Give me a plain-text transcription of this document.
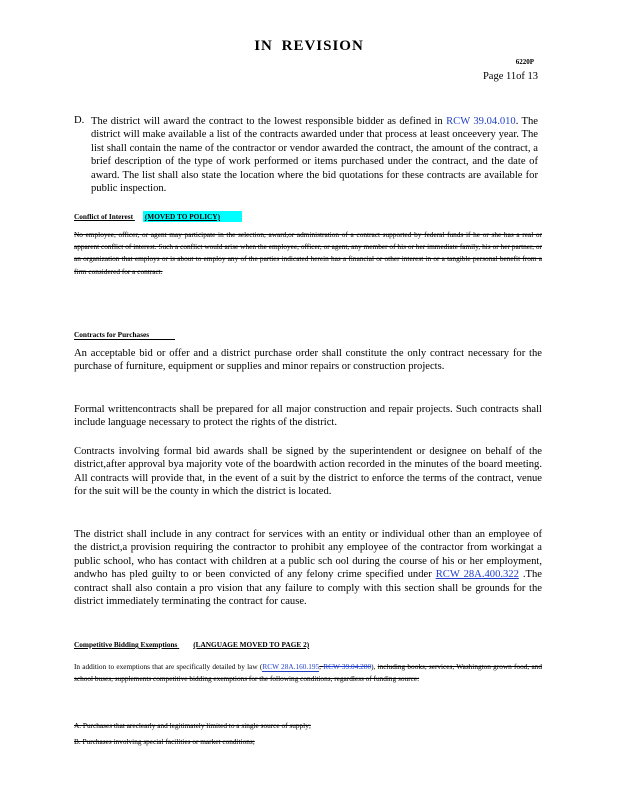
IN REVISION
6220P
Page 11of 13
D. The district will award the contract to the lowest responsible bidder as defined in RCW 39.04.010. The district will make available a list of the contracts awarded under that process at least onceevery year. The list shall contain the name of the contractor or vendor awarded the contract, the amount of the contract, a brief description of the type of work performed or items purchased under the contract, and the date of award. The list shall also state the location where the bid quotations for these contracts are available for public inspection.
Conflict of Interest (MOVED TO POLICY)
No employee, officer, or agent may participate in the selection, award,or administration of a contract supported by federal funds if he or she has a real or apparent conflict of interest. Such a conflict would arise when the employee, officer, or agent, any member of his or her immediate family, his or her partner, or an organization that employs or is about to employ any of the parties indicated herein has a financial or other interest in or a tangible personal benefit from a firm considered for a contract.
Contracts for Purchases
An acceptable bid or offer and a district purchase order shall constitute the only contract necessary for the purchase of furniture, equipment or supplies and minor repairs or construction projects.
Formal writtencontracts shall be prepared for all major construction and repair projects. Such contracts shall include language necessary to protect the rights of the district.
Contracts involving formal bid awards shall be signed by the superintendent or designee on behalf of the district,after approval bya majority vote of the boardwith action recorded in the minutes of the board meeting. All contracts will provide that, in the event of a suit by the district to enforce the terms of the contract, venue for the suit will be the county in which the district is located.
The district shall include in any contract for services with an entity or individual other than an employee of the district,a provision requiring the contractor to prohibit any employee of the contractor from workingat a public school, who has contact with children at a public sch ool during the course of his or her employment, andwho has pled guilty to or been convicted of any felony crime specified under RCW 28A.400.322 .The contract shall also contain a pro vision that any failure to comply with this section shall be grounds for the district immediately terminating the contract for cause.
Competitive Bidding Exemptions (LANGUAGE MOVED TO PAGE 2)
In addition to exemptions that are specifically detailed by law (RCW 28A.160.195, RCW 39.04.280), including books, services, Washington grown food, and school buses, supplements competitive bidding exemptions for the following conditions, regardless of funding source:
A. Purchases that areclearly and legitimately limited to a single source of supply;
B. Purchases involving special facilities or market conditions;
